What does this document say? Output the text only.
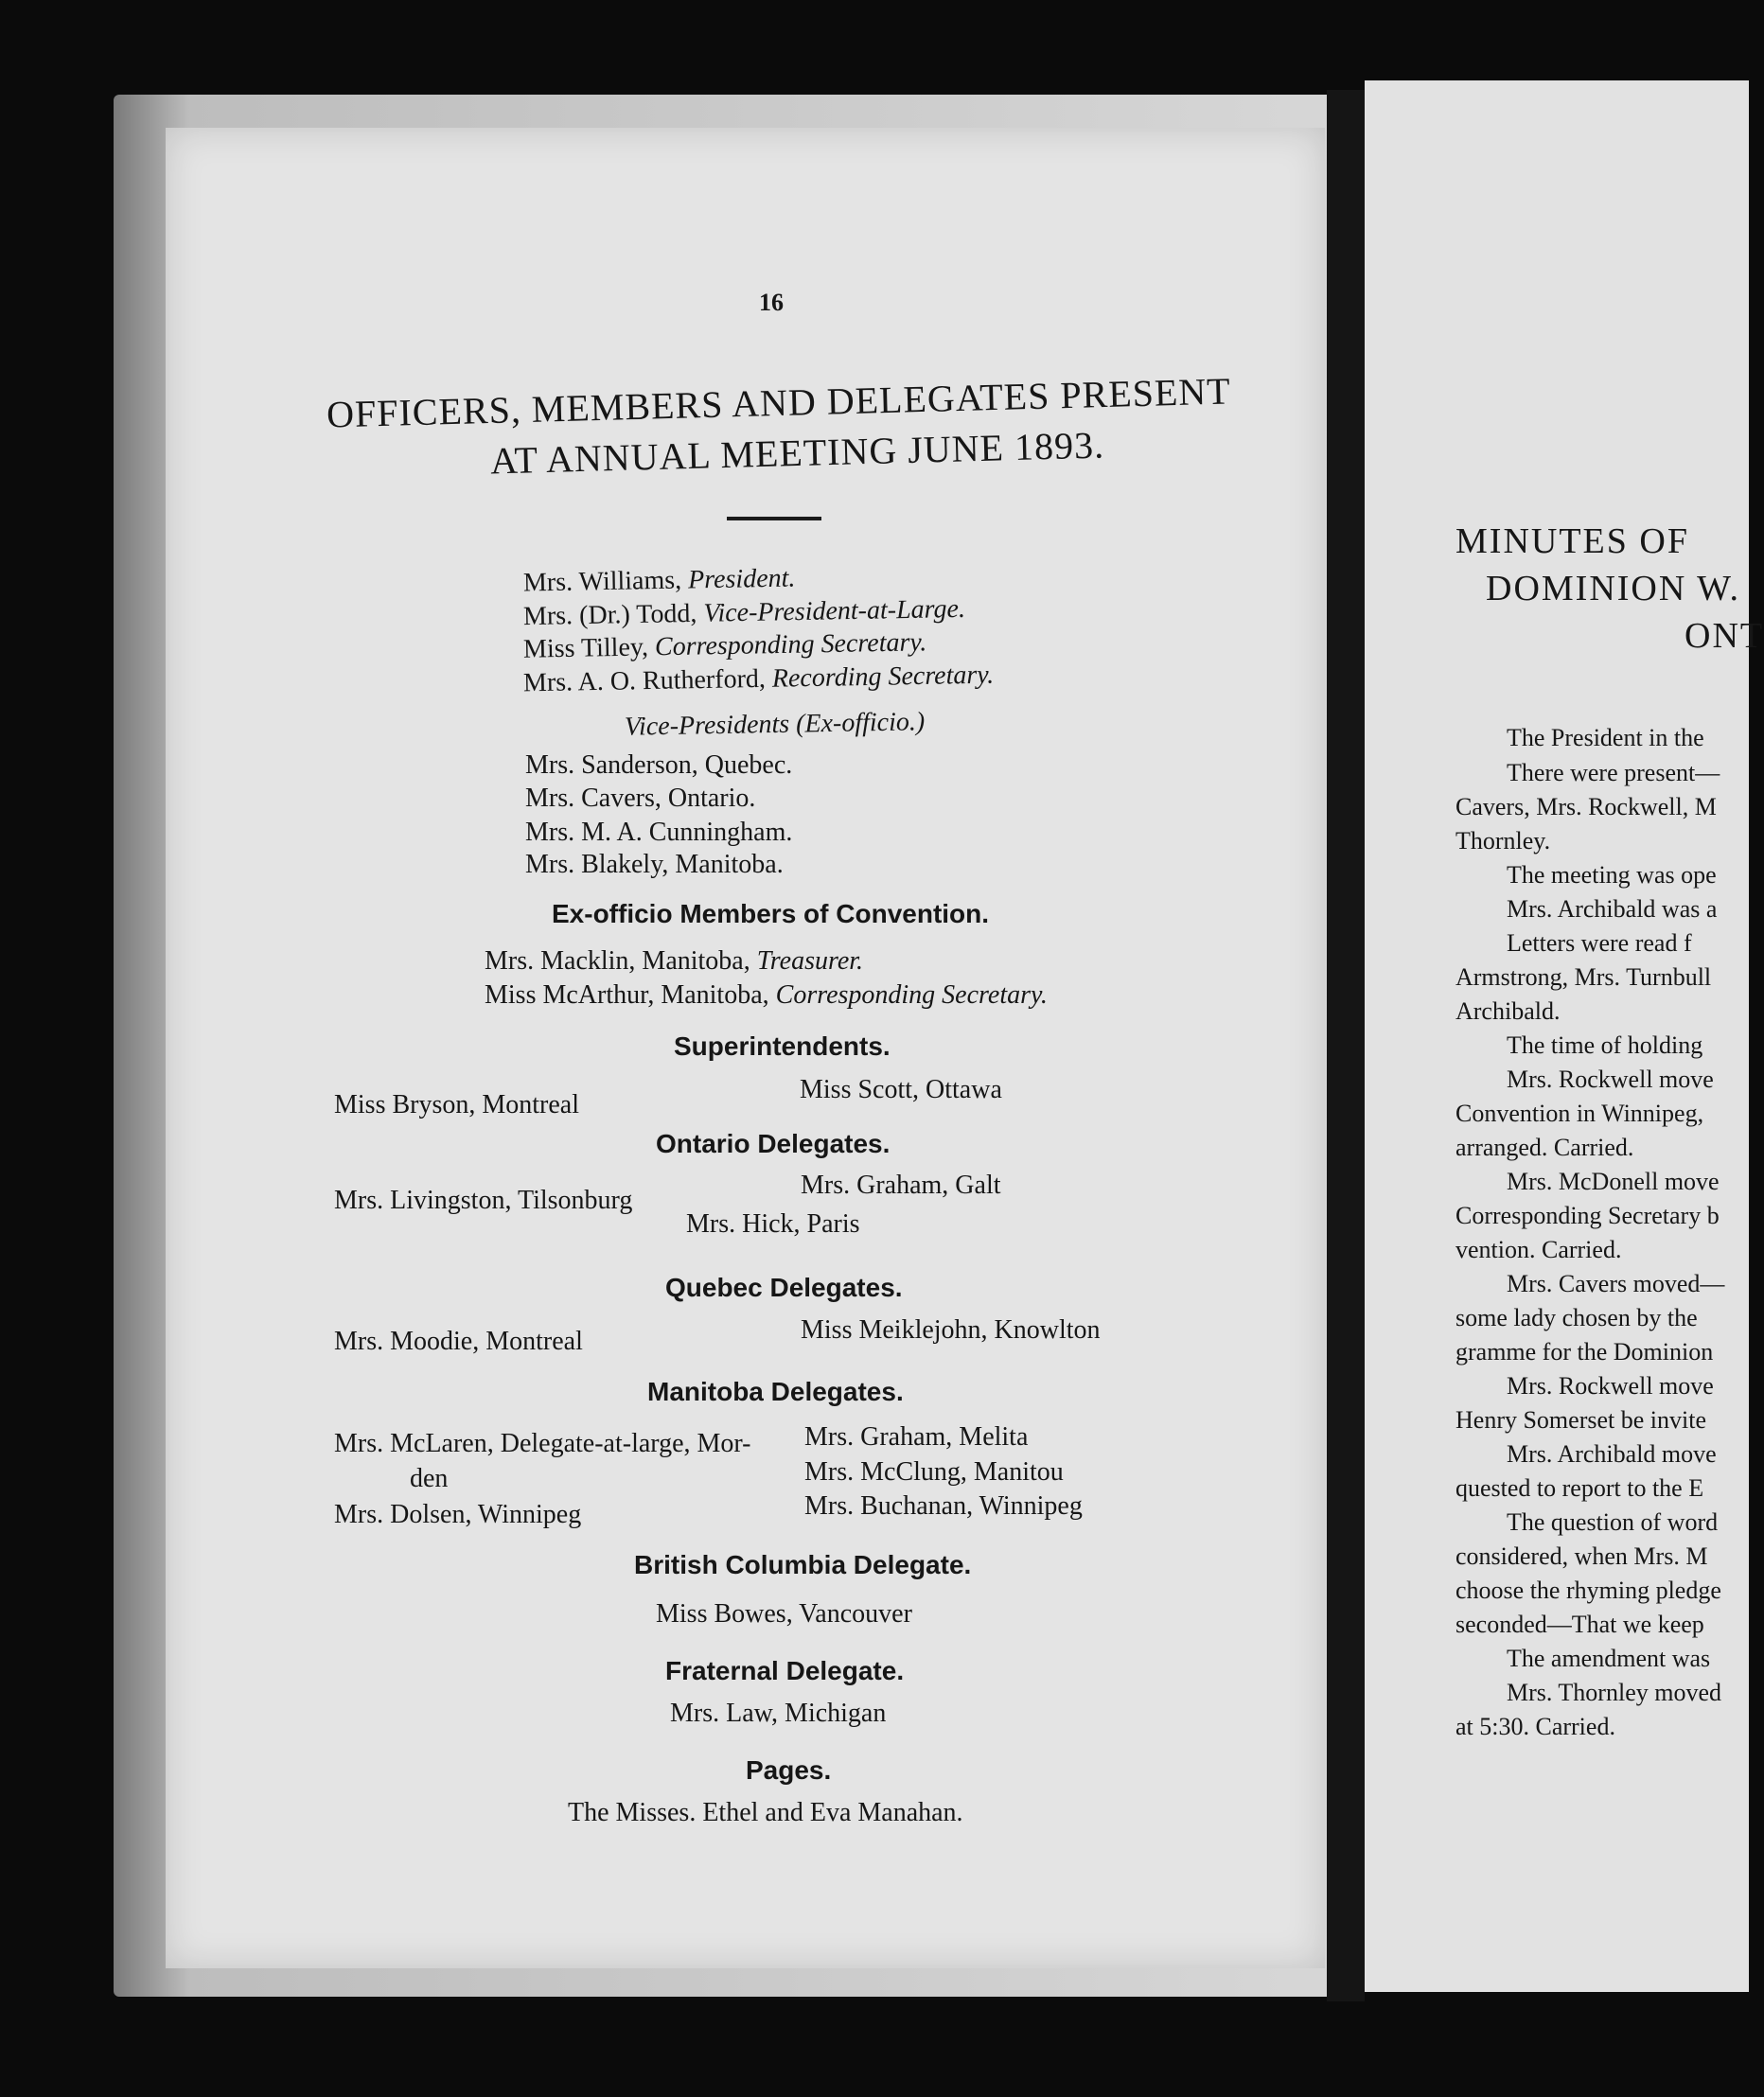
16
OFFICERS, MEMBERS AND DELEGATES PRESENT
AT ANNUAL MEETING JUNE 1893.
Mrs. Williams, President.
Mrs. (Dr.) Todd, Vice-President-at-Large.
Miss Tilley, Corresponding Secretary.
Mrs. A. O. Rutherford, Recording Secretary.
Vice-Presidents (Ex-officio.)
Mrs. Sanderson, Quebec.
Mrs. Cavers, Ontario.
Mrs. M. A. Cunningham.
Mrs. Blakely, Manitoba.
Ex-officio Members of Convention.
Mrs. Macklin, Manitoba, Treasurer.
Miss McArthur, Manitoba, Corresponding Secretary.
Superintendents.
Miss Bryson, Montreal
Miss Scott, Ottawa
Ontario Delegates.
Mrs. Livingston, Tilsonburg
Mrs. Graham, Galt
Mrs. Hick, Paris
Quebec Delegates.
Mrs. Moodie, Montreal	Miss Meiklejohn, Knowlton
Manitoba Delegates.
Mrs. McLaren, Delegate-at-large, Mor-
den
Mrs. Dolsen, Winnipeg
Mrs. Graham, Melita
Mrs. McClung, Manitou
Mrs. Buchanan, Winnipeg
British Columbia Delegate.
Miss Bowes, Vancouver
Fraternal Delegate.
Mrs. Law, Michigan
Pages.
The Misses. Ethel and Eva Manahan.
MINUTES OF
DOMINION W.
ONT
The President in the
There were present—
Cavers, Mrs. Rockwell, M
Thornley.
The meeting was ope
Mrs. Archibald was a
Letters were read f
Armstrong, Mrs. Turnbull
Archibald.
The time of holding
Mrs. Rockwell move
Convention in Winnipeg,
arranged. Carried.
Mrs. McDonell move
Corresponding Secretary b
vention. Carried.
Mrs. Cavers moved—
some lady chosen by the
gramme for the Dominion
Mrs. Rockwell move
Henry Somerset be invite
Mrs. Archibald move
quested to report to the E
The question of word
considered, when Mrs. M
choose the rhyming pledge
seconded—That we keep
The amendment was
Mrs. Thornley moved
at 5:30. Carried.
